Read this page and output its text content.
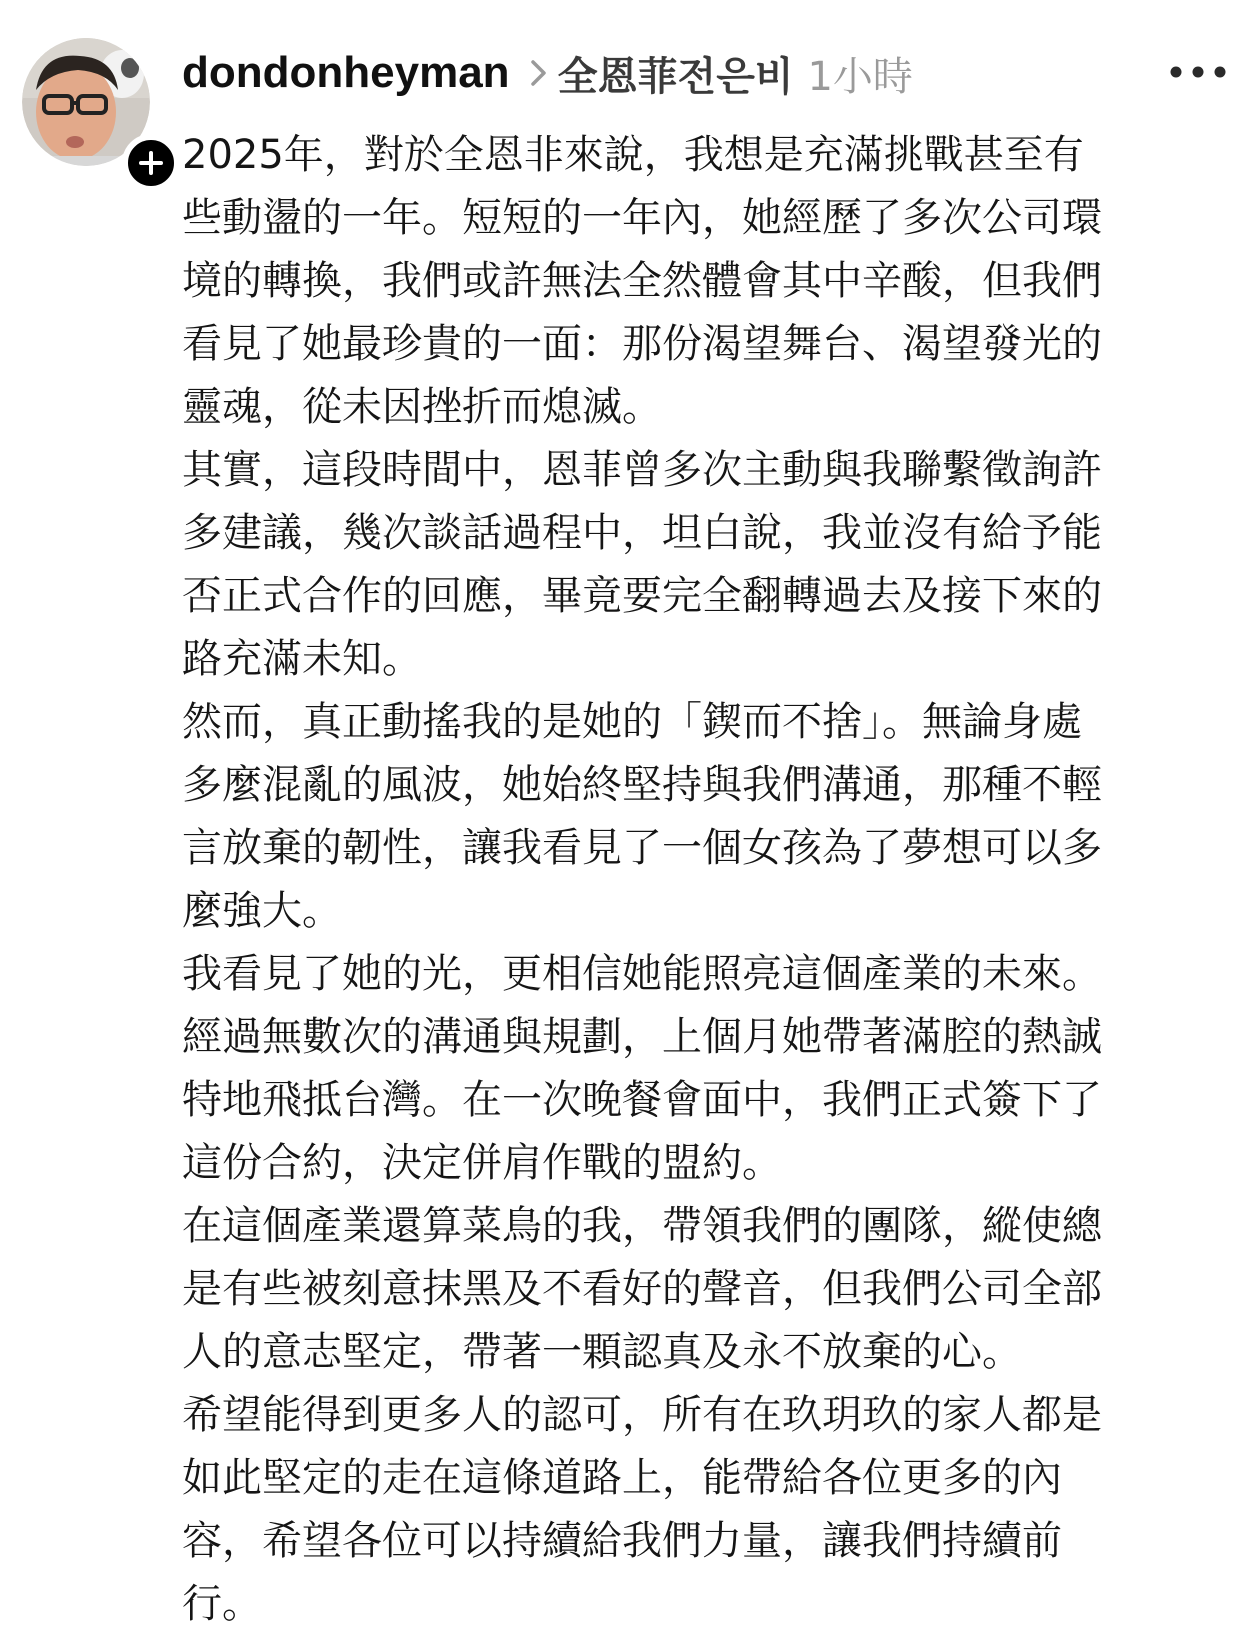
dondonheyman 全恩菲전은비 1小時
2025年，對於全恩非來說，我想是充滿挑戰甚至有
些動盪的一年。短短的一年內，她經歷了多次公司環
境的轉換，我們或許無法全然體會其中辛酸，但我們
看見了她最珍貴的一面：那份渴望舞台、渴望發光的
靈魂，從未因挫折而熄滅。
其實，這段時間中，恩菲曾多次主動與我聯繫徵詢許
多建議，幾次談話過程中，坦白說，我並沒有給予能
否正式合作的回應，畢竟要完全翻轉過去及接下來的
路充滿未知。
然而，真正動搖我的是她的「鍥而不捨」。無論身處
多麼混亂的風波，她始終堅持與我們溝通，那種不輕
言放棄的韌性，讓我看見了一個女孩為了夢想可以多
麼強大。
我看見了她的光，更相信她能照亮這個產業的未來。
經過無數次的溝通與規劃，上個月她帶著滿腔的熱誠
特地飛抵台灣。在一次晚餐會面中，我們正式簽下了
這份合約，決定併肩作戰的盟約。
在這個產業還算菜鳥的我，帶領我們的團隊，縱使總
是有些被刻意抹黑及不看好的聲音，但我們公司全部
人的意志堅定，帶著一顆認真及永不放棄的心。
希望能得到更多人的認可，所有在玖玥玖的家人都是
如此堅定的走在這條道路上，能帶給各位更多的內
容，希望各位可以持續給我們力量，讓我們持續前
行。
